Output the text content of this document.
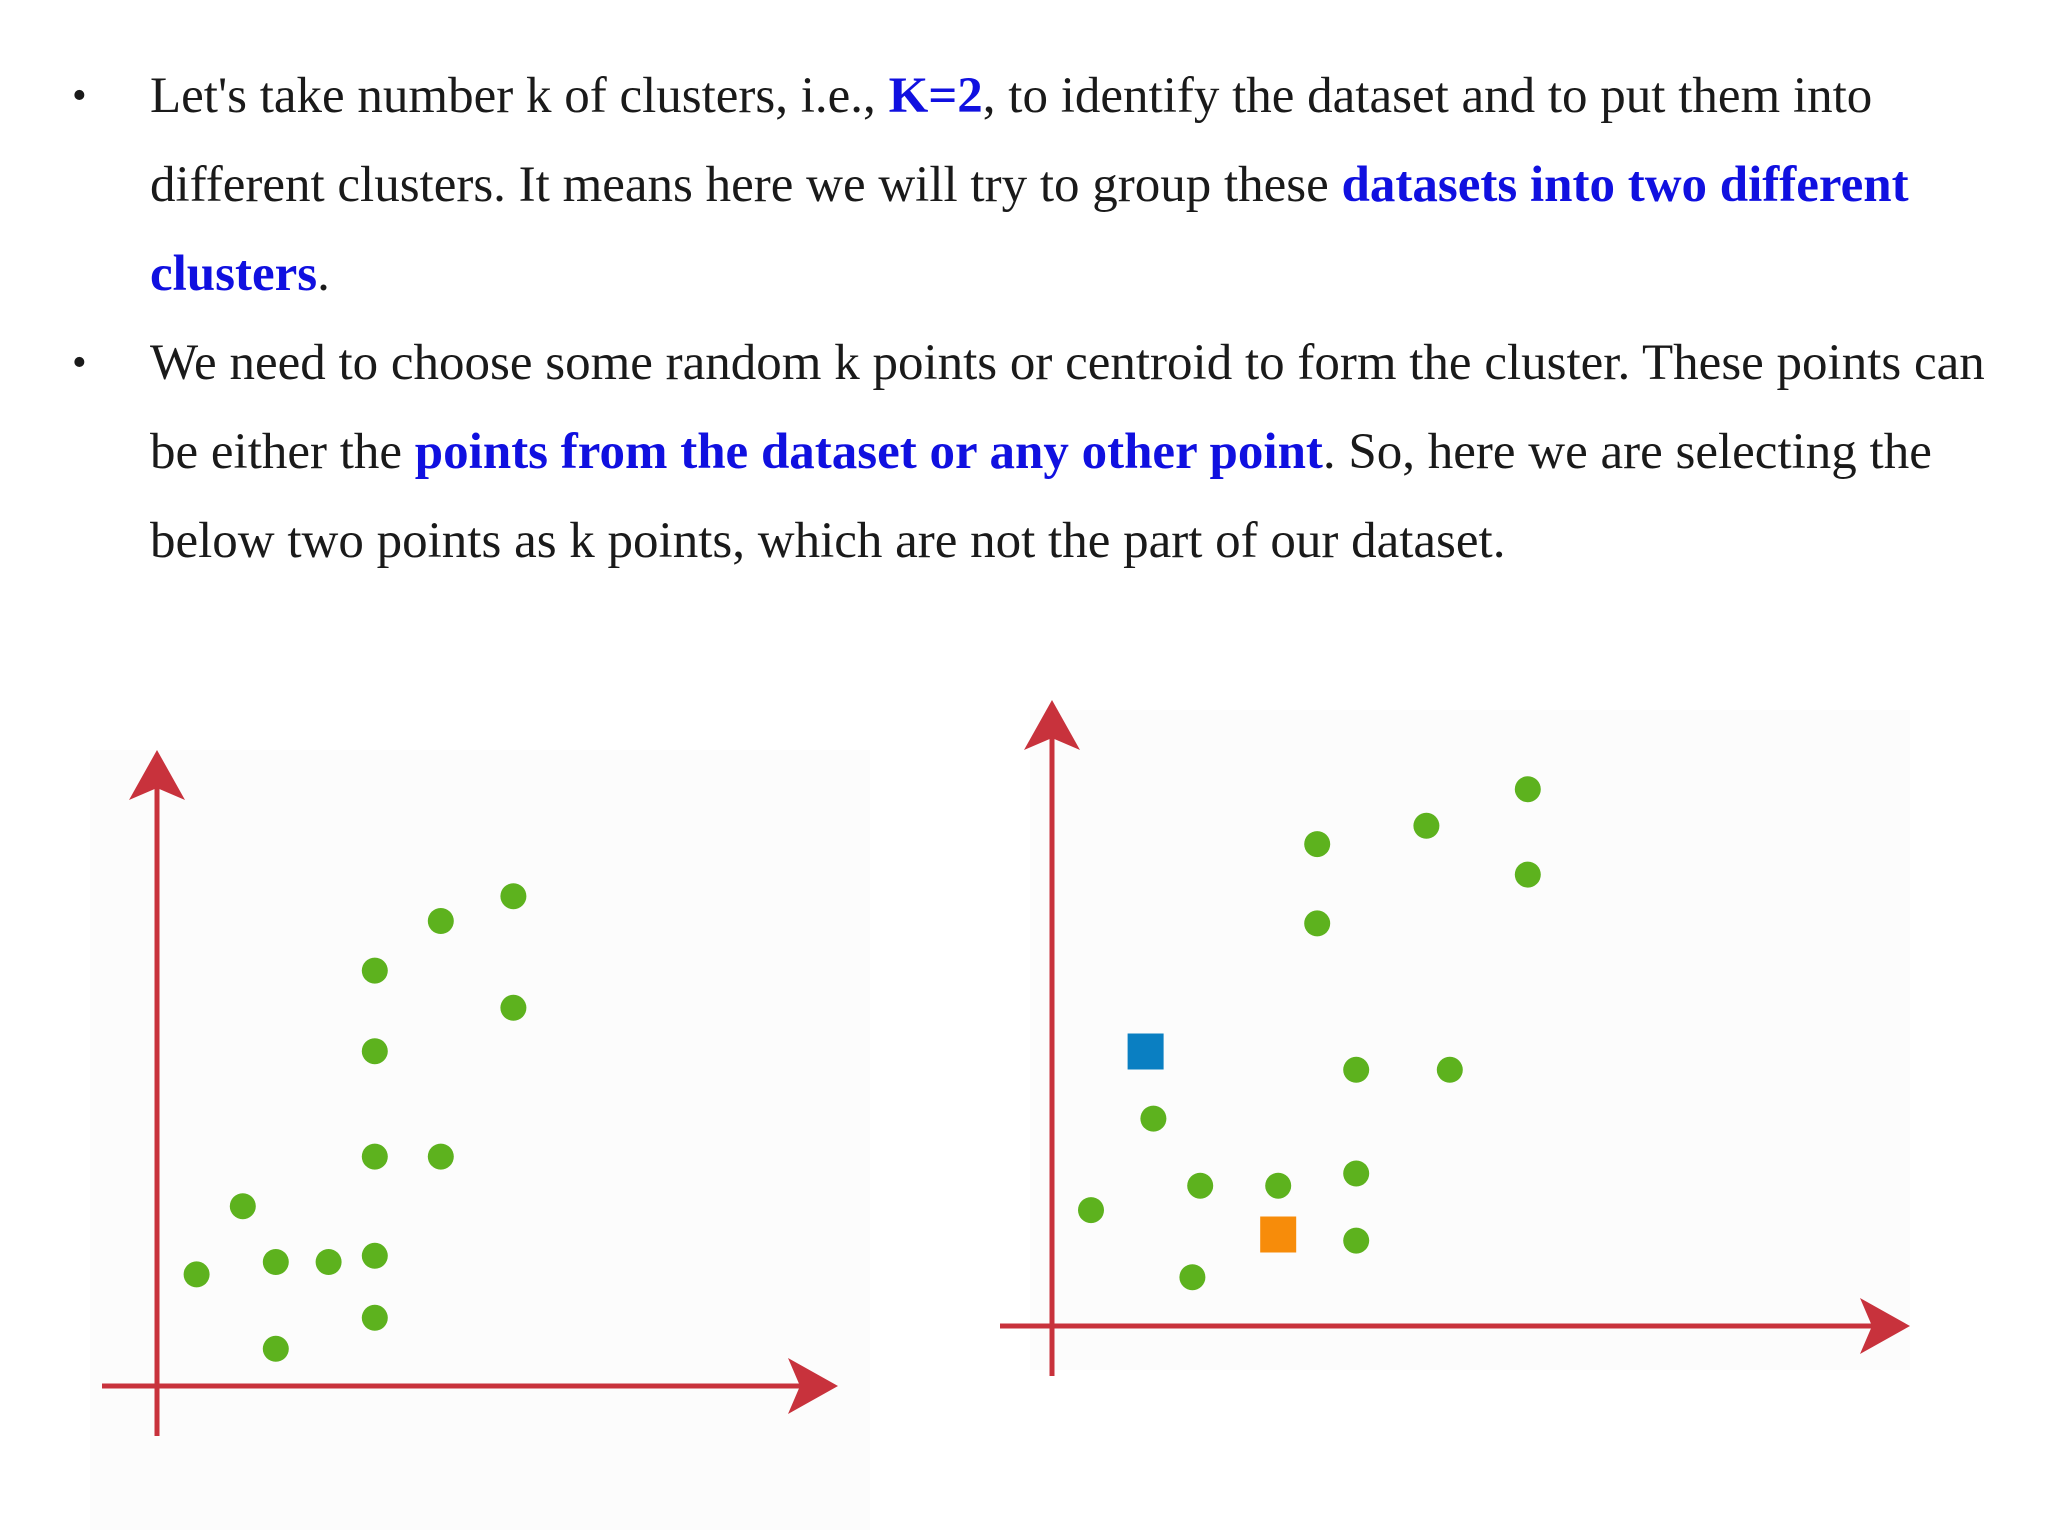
• Let's take number k of clusters, i.e., K=2, to identify the dataset and to put them into different clusters. It means here we will try to group these datasets into two different clusters.
• We need to choose some random k points or centroid to form the cluster. These points can be either the points from the dataset or any other point. So, here we are selecting the below two points as k points, which are not the part of our dataset.
